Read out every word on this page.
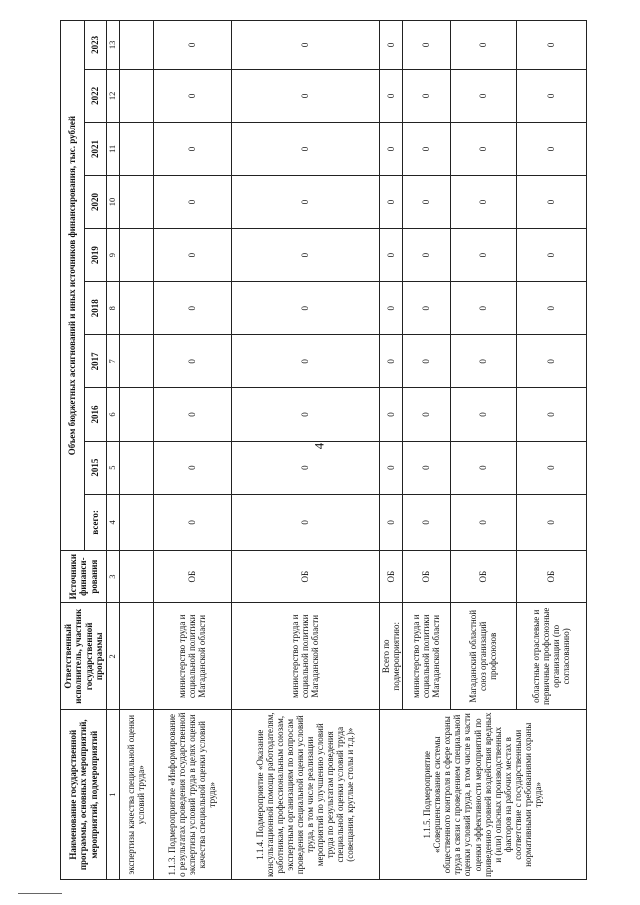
Наименование государственной программы, основных мероприятий, мероприятий, подмероприятий	Ответственный исполнитель, участник государственной программы	Источники финанси-рования	Объем бюджетных ассигнований и иных источников финансирования, тыс. рублей									
			всего:	2015	2016	2017	2018	2019	2020	2021	2022	2023
1	2	3	4	5	6	7	8	9	10	11	12	13
экспертизы качества специальной оценки условий труда»												
1.1.3. Подмероприятие «Информирование о результатах проведения государственной экспертизы условий труда в целях оценки качества специальной оценки условий труда»	министерство труда и социальной политики Магаданской области	ОБ	0	0	0	0	0	0	0	0	0	0
1.1.4. Подмероприятие «Оказание консультационной помощи работодателям, работникам, профессиональным союзам, экспертным организациям по вопросам проведения специальной оценки условий труда, в том числе реализации мероприятий по улучшению условий труда по результатам проведения специальной оценки условий труда (совещания, круглые столы и т.д.)»	министерство труда и социальной политики Магаданской области	ОБ	0	0	0	0	0	0	0	0	0	0
1.1.5. Подмероприятие «Совершенствование системы общественного контроля в сфере охраны труда в связи с проведением специальной оценки условий труда, в том числе в части оценки эффективности мероприятий по приведению уровней воздействия вредных и (или) опасных производственных факторов на рабочих местах в соответствие с государственными нормативными требованиями охраны труда»	Всего по подмероприятию:	ОБ	0	0	0	0	0	0	0	0	0	0
	министерство труда и социальной политики Магаданской области	ОБ	0	0	0	0	0	0	0	0	0	0
	Магаданский областной союз организаций профсоюзов	ОБ	0	0	0	0	0	0	0	0	0	0
	областные отраслевые и первичные профсоюзные организации (по согласованию)	ОБ	0	0	0	0	0	0	0	0	0	0
4
